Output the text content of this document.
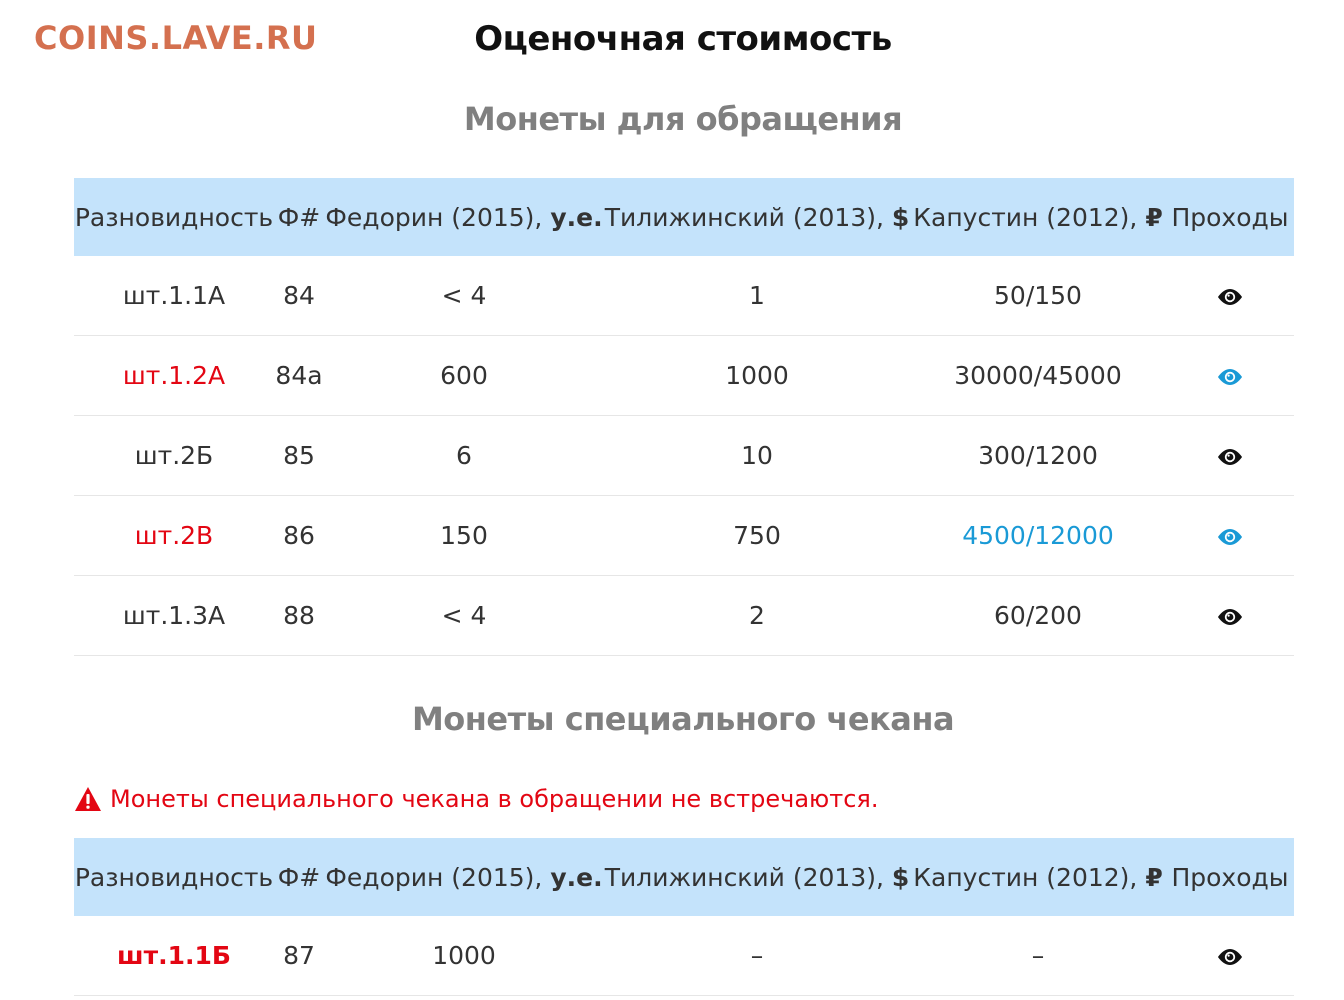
COINS.LAVE.RU	Оценочная стоимость
Монеты для обращения
Разновидность	Ф#	Федорин (2015), у.е.	Тилижинский (2013), $	Капустин (2012), ₽	Проходы
шт.1.1А	84	< 4	1	50/150	
шт.1.2А	84а	600	1000	30000/45000	
шт.2Б	85	6	10	300/1200	
шт.2В	86	150	750	4500/12000	
шт.1.3А	88	< 4	2	60/200	
Монеты специального чекана
Монеты специального чекана в обращении не встречаются.
Разновидность	Ф#	Федорин (2015), у.е.	Тилижинский (2013), $	Капустин (2012), ₽	Проходы
шт.1.1Б	87	1000	–	–	
